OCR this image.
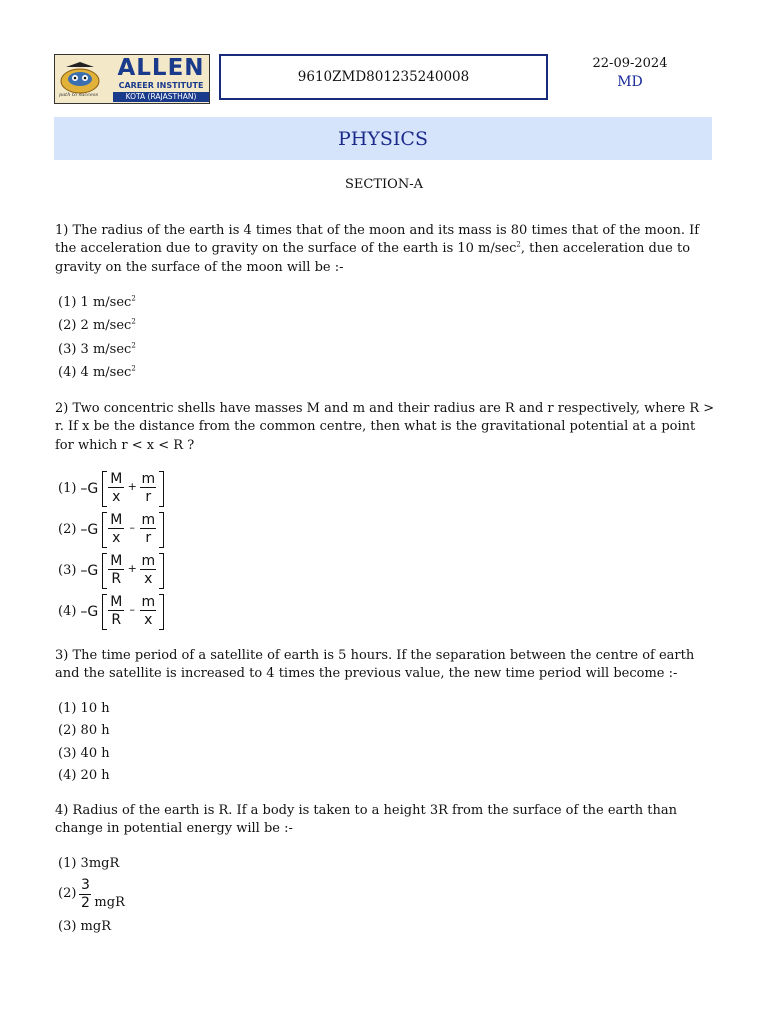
path to success
ALLEN
CAREER INSTITUTE
KOTA (RAJASTHAN)
9610ZMD801235240008
22-09-2024
MD
PHYSICS
SECTION-A
1) The radius of the earth is 4 times that of the moon and its mass is 80 times that of the moon. If the acceleration due to gravity on the surface of the earth is 10 $m/\sec^2$, then acceleration due to gravity on the surface of the moon will be :-
(1) 1 $m/\sec^2$
(2) 2 $m/\sec^2$
(3) 3 $m/\sec^2$
(4) 4 $m/\sec^2$
2) Two concentric shells have masses M and m and their radius are R and r respectively, where R > r. If x be the distance from the common centre, then what is the gravitational potential at a point for which r < x < R ?
(1) –G
M
x
+ m
r
(2) –G
M
x
– m
r
(3) –G
M
R
+ m
x
(4) –G
M
R
– m
x
3) The time period of a satellite of earth is 5 hours. If the separation between the centre of earth and the satellite is increased to 4 times the previous value, the new time period will become :-
(1) 10 h
(2) 80 h
(3) 40 h
(4) 20 h
4) Radius of the earth is R. If a body is taken to a height 3R from the surface of the earth than change in potential energy will be :-
(1) 3mgR
$(2) \frac{3}{2}$ mgR
(3) mgR
